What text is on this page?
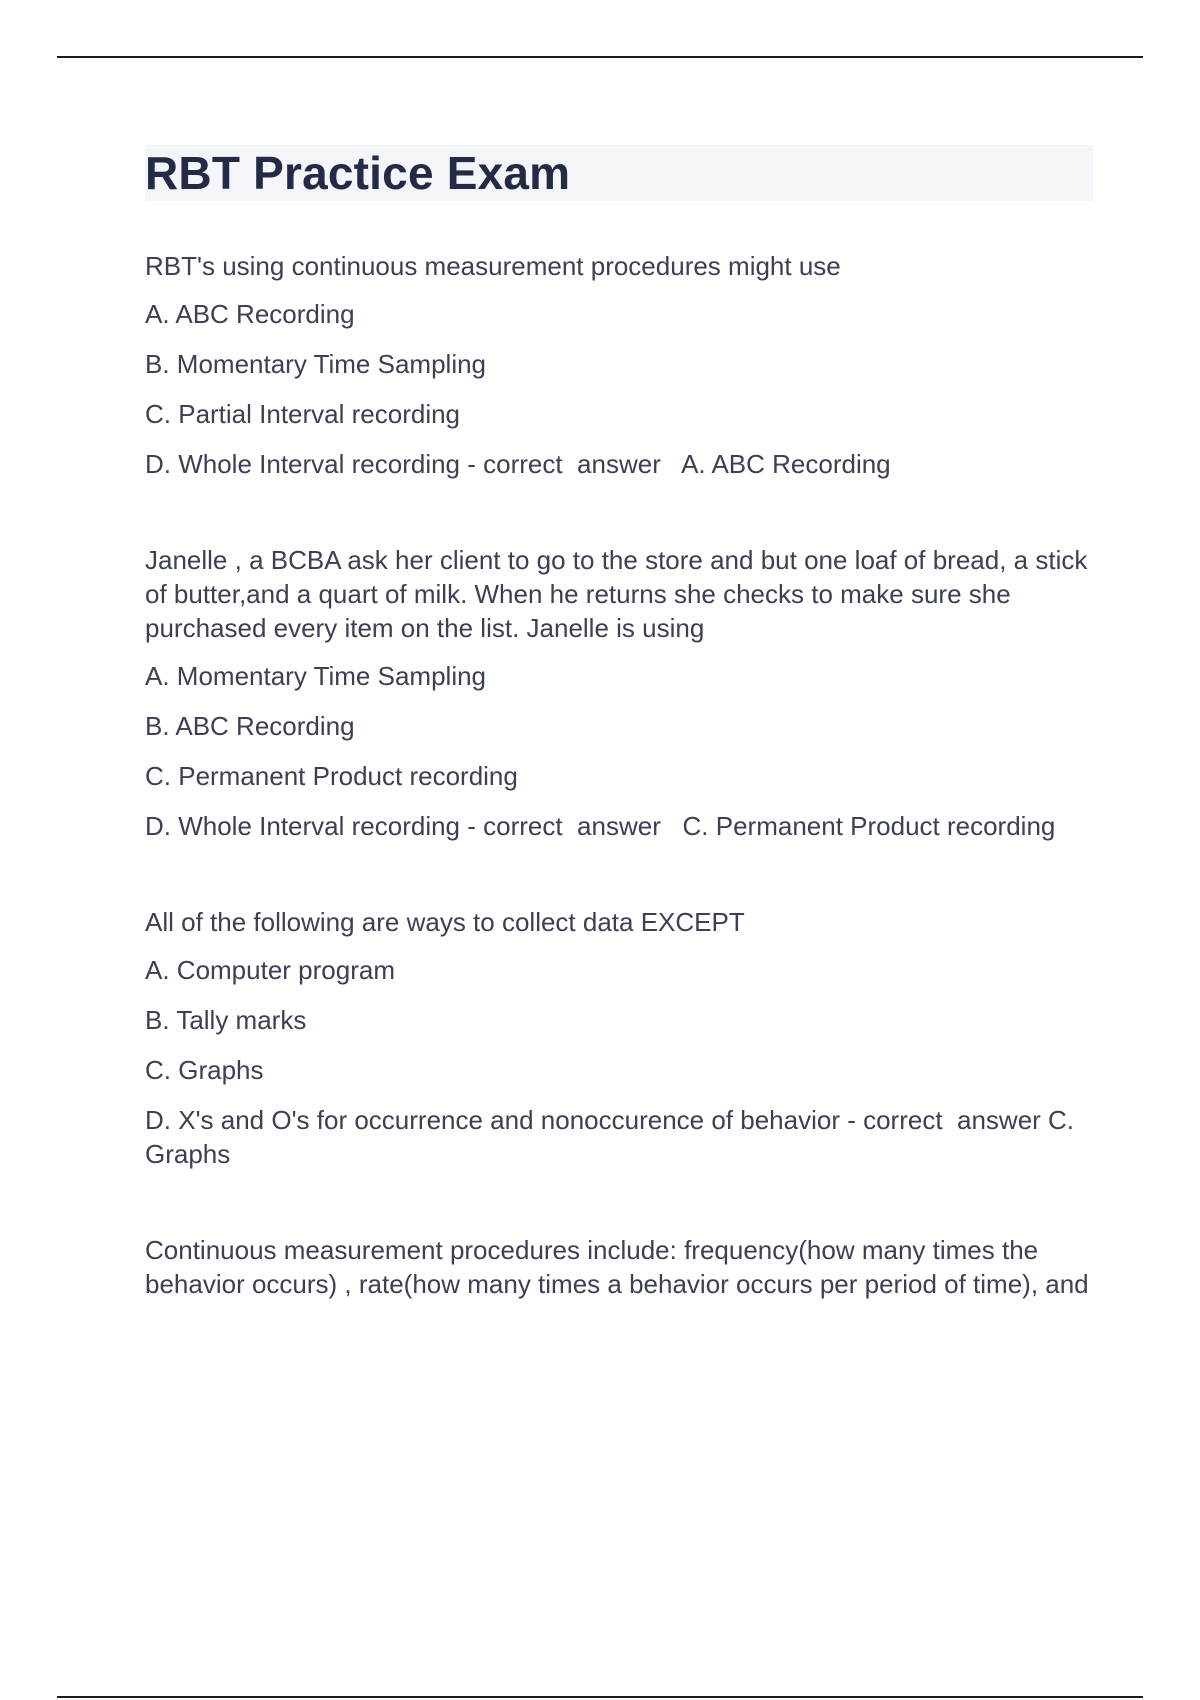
RBT Practice Exam

RBT's using continuous measurement procedures might use

A. ABC Recording

B. Momentary Time Sampling

C. Partial Interval recording

D. Whole Interval recording - correct  answer   A. ABC Recording

Janelle , a BCBA ask her client to go to the store and but one loaf of bread, a stick of butter,and a quart of milk. When he returns she checks to make sure she purchased every item on the list. Janelle is using

A. Momentary Time Sampling

B. ABC Recording

C. Permanent Product recording

D. Whole Interval recording - correct  answer   C. Permanent Product recording

All of the following are ways to collect data EXCEPT

A. Computer program

B. Tally marks

C. Graphs

D. X's and O's for occurrence and nonoccurence of behavior - correct  answer C. Graphs

Continuous measurement procedures include: frequency(how many times the behavior occurs) , rate(how many times a behavior occurs per period of time), and
